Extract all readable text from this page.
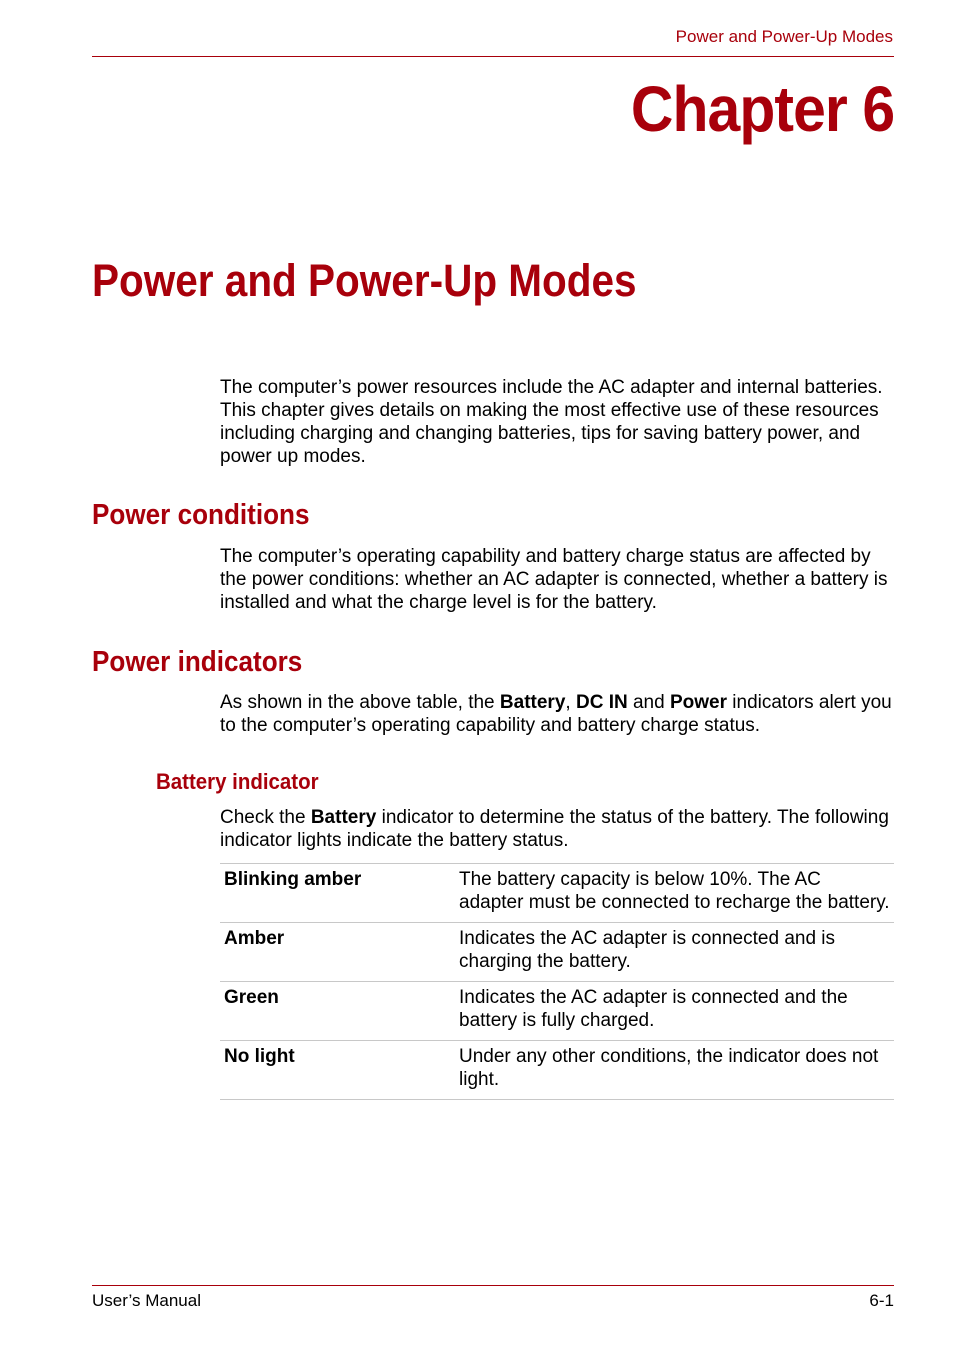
Power and Power-Up Modes
Chapter 6
Power and Power-Up Modes

The computer’s power resources include the AC adapter and internal batteries. This chapter gives details on making the most effective use of these resources including charging and changing batteries, tips for saving battery power, and power up modes.

Power conditions

The computer’s operating capability and battery charge status are affected by the power conditions: whether an AC adapter is connected, whether a battery is installed and what the charge level is for the battery.

Power indicators

As shown in the above table, the Battery, DC IN and Power indicators alert you to the computer’s operating capability and battery charge status.

Battery indicator

Check the Battery indicator to determine the status of the battery. The following indicator lights indicate the battery status.

Blinking amber	The battery capacity is below 10%. The AC adapter must be connected to recharge the battery.
Amber	Indicates the AC adapter is connected and is charging the battery.
Green	Indicates the AC adapter is connected and the battery is fully charged.
No light	Under any other conditions, the indicator does not light.
User’s Manual	6-1
